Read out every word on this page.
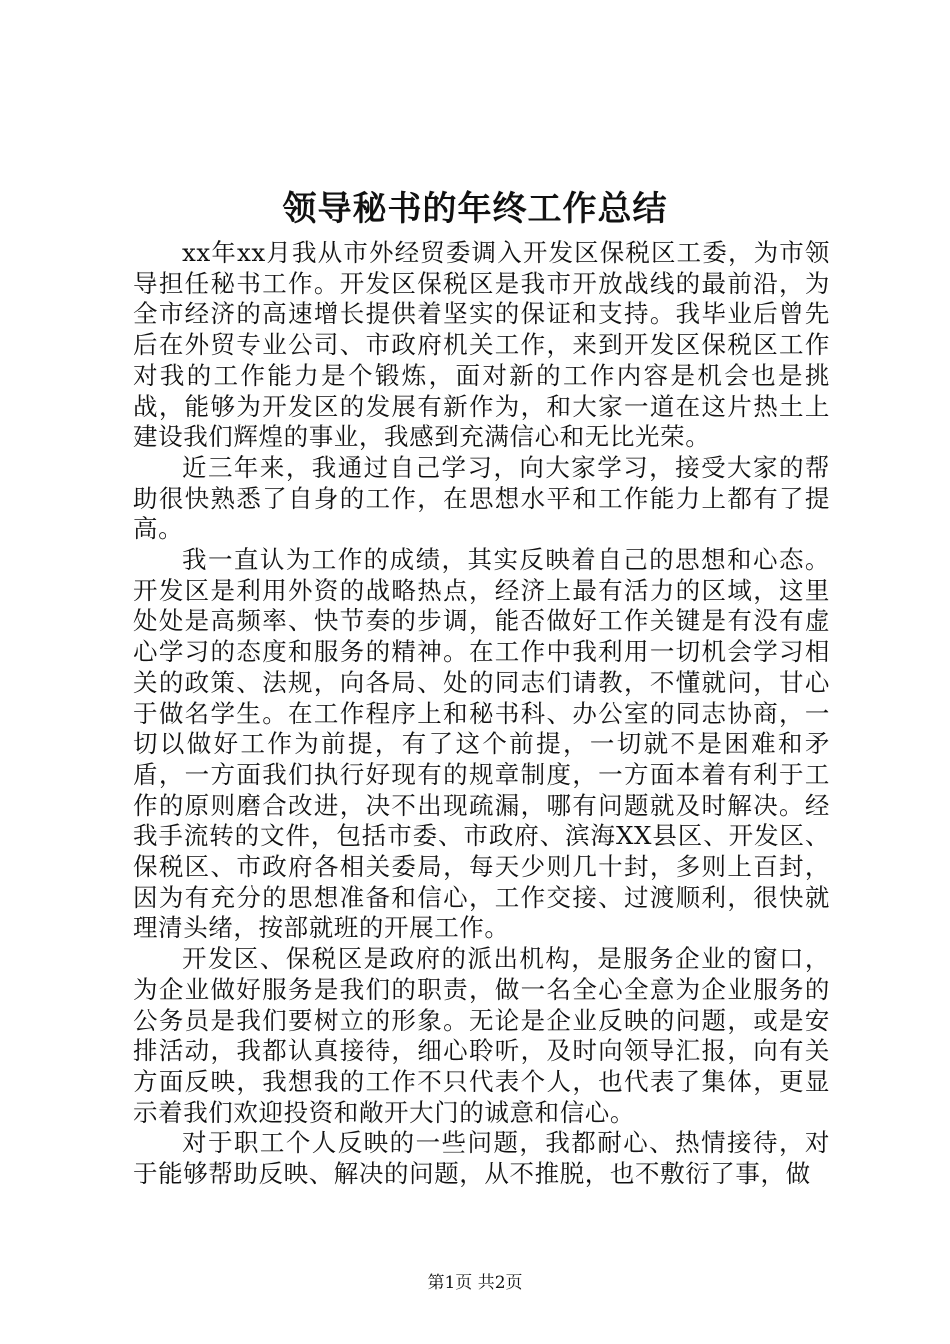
领导秘书的年终工作总结

xx年xx月我从市外经贸委调入开发区保税区工委，为市领导担任秘书工作。开发区保税区是我市开放战线的最前沿，为全市经济的高速增长提供着坚实的保证和支持。我毕业后曾先后在外贸专业公司、市政府机关工作，来到开发区保税区工作对我的工作能力是个锻炼，面对新的工作内容是机会也是挑战，能够为开发区的发展有新作为，和大家一道在这片热土上建设我们辉煌的事业，我感到充满信心和无比光荣。

近三年来，我通过自己学习，向大家学习，接受大家的帮助很快熟悉了自身的工作，在思想水平和工作能力上都有了提高。

我一直认为工作的成绩，其实反映着自己的思想和心态。开发区是利用外资的战略热点，经济上最有活力的区域，这里处处是高频率、快节奏的步调，能否做好工作关键是有没有虚心学习的态度和服务的精神。在工作中我利用一切机会学习相关的政策、法规，向各局、处的同志们请教，不懂就问，甘心于做名学生。在工作程序上和秘书科、办公室的同志协商，一切以做好工作为前提，有了这个前提，一切就不是困难和矛盾，一方面我们执行好现有的规章制度，一方面本着有利于工作的原则磨合改进，决不出现疏漏，哪有问题就及时解决。经我手流转的文件，包括市委、市政府、滨海XX县区、开发区、保税区、市政府各相关委局，每天少则几十封，多则上百封，因为有充分的思想准备和信心，工作交接、过渡顺利，很快就理清头绪，按部就班的开展工作。

开发区、保税区是政府的派出机构，是服务企业的窗口，为企业做好服务是我们的职责，做一名全心全意为企业服务的公务员是我们要树立的形象。无论是企业反映的问题，或是安排活动，我都认真接待，细心聆听，及时向领导汇报，向有关方面反映，我想我的工作不只代表个人，也代表了集体，更显示着我们欢迎投资和敞开大门的诚意和信心。

对于职工个人反映的一些问题，我都耐心、热情接待，对于能够帮助反映、解决的问题，从不推脱，也不敷衍了事，做

第1页 共2页
